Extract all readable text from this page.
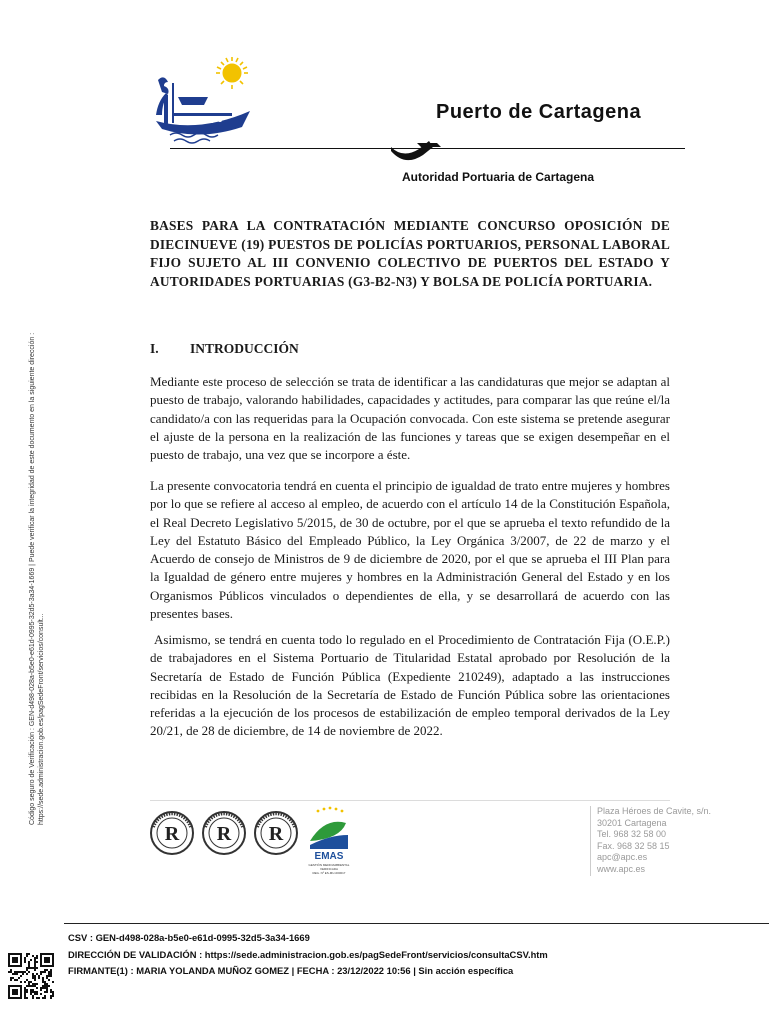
Puerto de Cartagena
Autoridad Portuaria de Cartagena
BASES PARA LA CONTRATACIÓN MEDIANTE CONCURSO OPOSICIÓN DE DIECINUEVE (19) PUESTOS DE POLICÍAS PORTUARIOS, PERSONAL LABORAL FIJO SUJETO AL III CONVENIO COLECTIVO DE PUERTOS DEL ESTADO Y AUTORIDADES PORTUARIAS (G3-B2-N3) Y BOLSA DE POLICÍA PORTUARIA.
Código seguro de Verificación : GEN-d498-028a-b5e0-e61d-0995-32d5-3a34-1669 | Puede verificar la integridad de este documento en la siguiente dirección : https://sede.administracion.gob.es/pagSedeFront/servicios/consult...
I. INTRODUCCIÓN
Mediante este proceso de selección se trata de identificar a las candidaturas que mejor se adaptan al puesto de trabajo, valorando habilidades, capacidades y actitudes, para comparar las que reúne el/la candidato/a con las requeridas para la Ocupación convocada. Con este sistema se pretende asegurar el ajuste de la persona en la realización de las funciones y tareas que se exigen desempeñar en el puesto de trabajo, una vez que se incorpore a éste.
La presente convocatoria tendrá en cuenta el principio de igualdad de trato entre mujeres y hombres por lo que se refiere al acceso al empleo, de acuerdo con el artículo 14 de la Constitución Española, el Real Decreto Legislativo 5/2015, de 30 de octubre, por el que se aprueba el texto refundido de la Ley del Estatuto Básico del Empleado Público, la Ley Orgánica 3/2007, de 22 de marzo y el Acuerdo de consejo de Ministros de 9 de diciembre de 2020, por el que se aprueba el III Plan para la Igualdad de género entre mujeres y hombres en la Administración General del Estado y en los Organismos Públicos vinculados o dependientes de ella, y se desarrollará de acuerdo con las presentes bases.
Asimismo, se tendrá en cuenta todo lo regulado en el Procedimiento de Contratación Fija (O.E.P.) de trabajadores en el Sistema Portuario de Titularidad Estatal aprobado por Resolución de la Secretaría de Estado de Función Pública (Expediente 210249), adaptado a las instrucciones recibidas en la Resolución de la Secretaría de Estado de Función Pública sobre las orientaciones referidas a la ejecución de los procesos de estabilización de empleo temporal derivados de la Ley 20/21, de 28 de diciembre, de 14 de noviembre de 2022.
R R R
EMAS
GESTIÓN MEDIOAMBIENTAL
VERIFICADA
REG. Nº ES-MU-000017
Plaza Héroes de Cavite, s/n.
30201 Cartagena
Tel. 968 32 58 00
Fax. 968 32 58 15
apc@apc.es
www.apc.es
CSV : GEN-d498-028a-b5e0-e61d-0995-32d5-3a34-1669
DIRECCIÓN DE VALIDACIÓN : https://sede.administracion.gob.es/pagSedeFront/servicios/consultaCSV.htm
FIRMANTE(1) : MARIA YOLANDA MUÑOZ GOMEZ | FECHA : 23/12/2022 10:56 | Sin acción específica
